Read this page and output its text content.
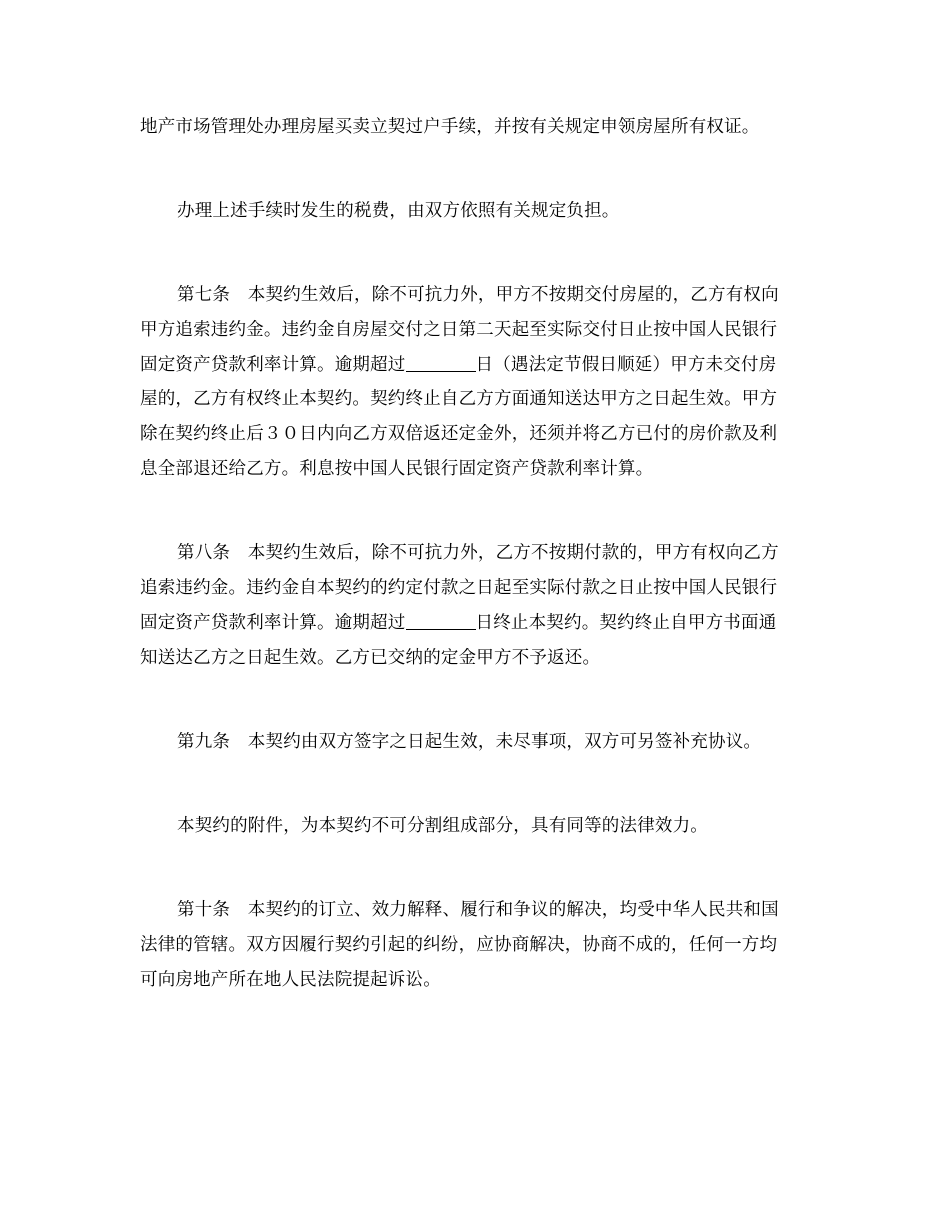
地产市场管理处办理房屋买卖立契过户手续，并按有关规定申领房屋所有权证。
办理上述手续时发生的税费，由双方依照有关规定负担。
第七条　本契约生效后，除不可抗力外，甲方不按期交付房屋的，乙方有权向
甲方追索违约金。违约金自房屋交付之日第二天起至实际交付日止按中国人民银行
固定资产贷款利率计算。逾期超过	日（遇法定节假日顺延）甲方未交付房
屋的，乙方有权终止本契约。契约终止自乙方方面通知送达甲方之日起生效。甲方
除在契约终止后３０日内向乙方双倍返还定金外，还须并将乙方已付的房价款及利
息全部退还给乙方。利息按中国人民银行固定资产贷款利率计算。
第八条　本契约生效后，除不可抗力外，乙方不按期付款的，甲方有权向乙方
追索违约金。违约金自本契约的约定付款之日起至实际付款之日止按中国人民银行
固定资产贷款利率计算。逾期超过	日终止本契约。契约终止自甲方书面通
知送达乙方之日起生效。乙方已交纳的定金甲方不予返还。
第九条　本契约由双方签字之日起生效，未尽事项，双方可另签补充协议。
本契约的附件，为本契约不可分割组成部分，具有同等的法律效力。
第十条　本契约的订立、效力解释、履行和争议的解决，均受中华人民共和国
法律的管辖。双方因履行契约引起的纠纷，应协商解决，协商不成的，任何一方均
可向房地产所在地人民法院提起诉讼。
